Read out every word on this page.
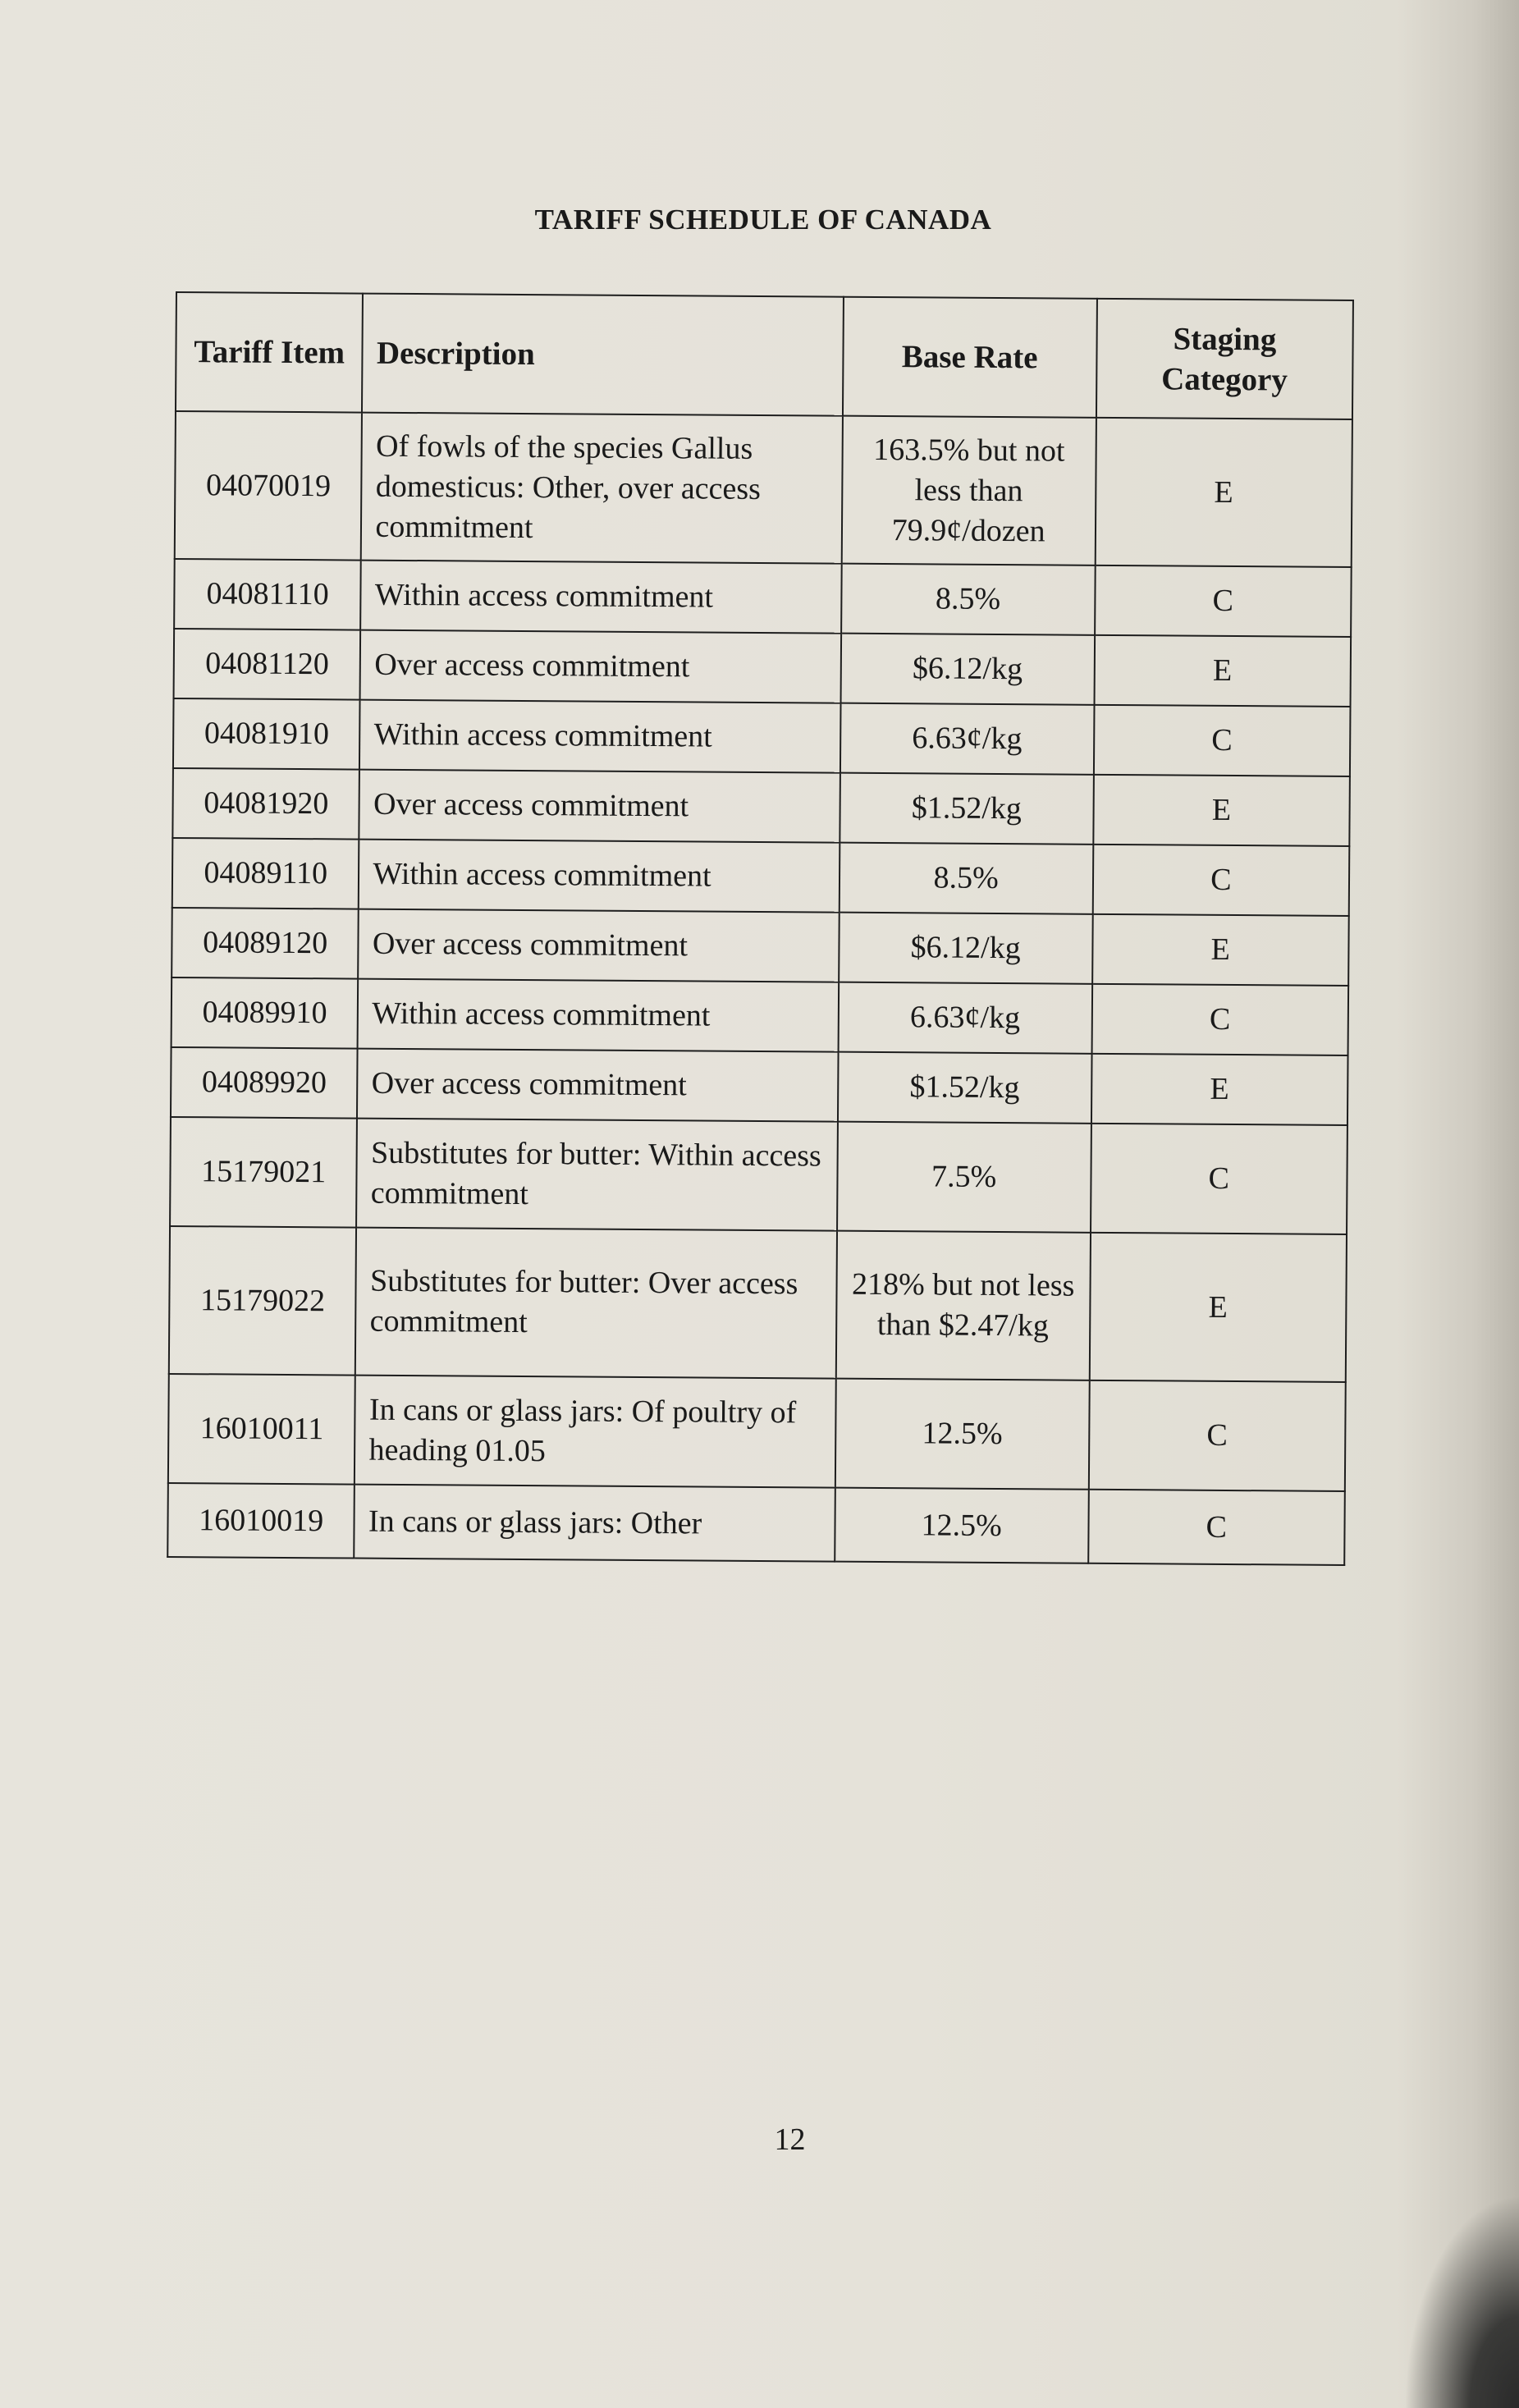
TARIFF SCHEDULE OF CANADA
Tariff Item	Description	Base Rate	Staging Category
04070019	Of fowls of the species Gallus domesticus: Other, over access commitment	163.5% but not less than 79.9¢/dozen	E
04081110	Within access commitment	8.5%	C
04081120	Over access commitment	$6.12/kg	E
04081910	Within access commitment	6.63¢/kg	C
04081920	Over access commitment	$1.52/kg	E
04089110	Within access commitment	8.5%	C
04089120	Over access commitment	$6.12/kg	E
04089910	Within access commitment	6.63¢/kg	C
04089920	Over access commitment	$1.52/kg	E
15179021	Substitutes for butter: Within access commitment	7.5%	C
15179022	Substitutes for butter: Over access commitment	218% but not less than $2.47/kg	E
16010011	In cans or glass jars: Of poultry of heading 01.05	12.5%	C
16010019	In cans or glass jars: Other	12.5%	C
12
